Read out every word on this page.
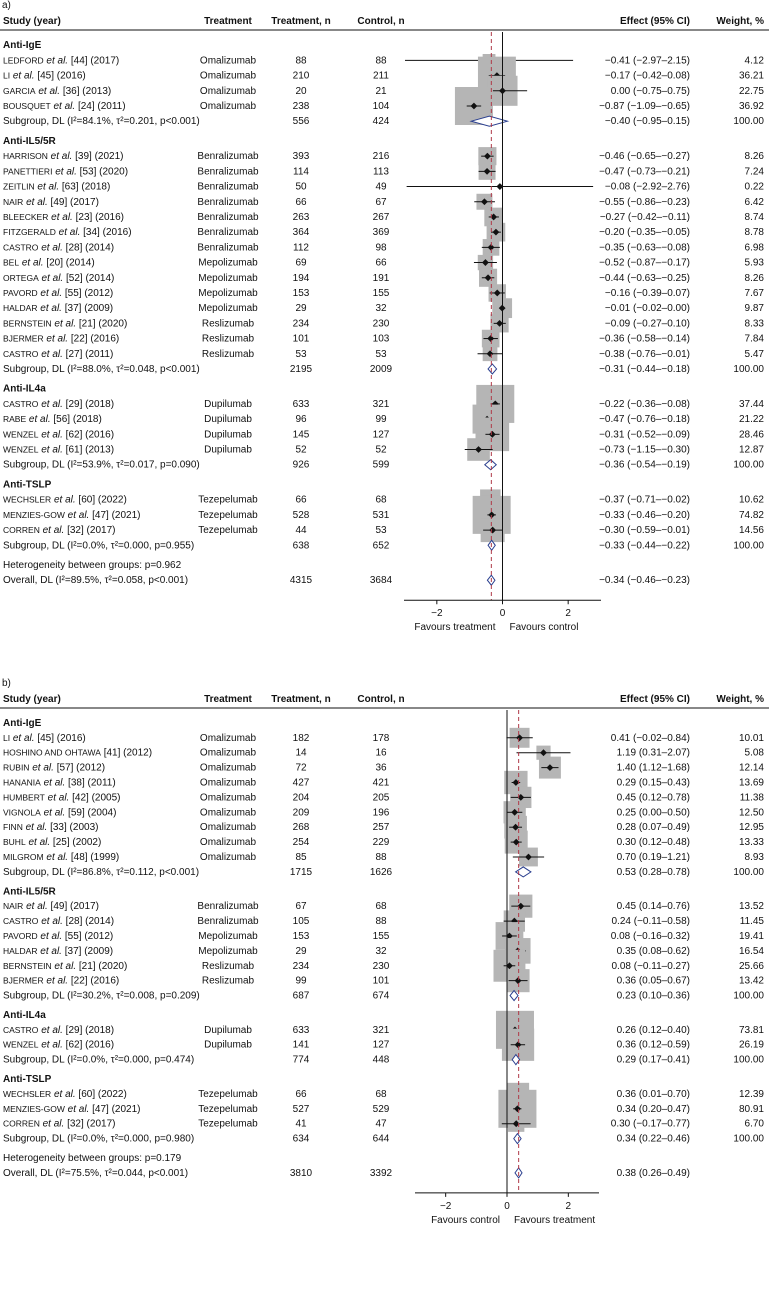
a)
Study (year)	Treatment Treatment, n	Control, n	Effect (95% CI)	Weight, %
Anti-IgE
LEDFORD et al. [44] (2017)	Omalizumab	88	88	−0.41 (−2.97–2.15)	4.12
LI et al. [45] (2016)	Omalizumab	210	211	−0.17 (−0.42–0.08)	36.21
GARCIA et al. [36] (2013)	Omalizumab	20	21	0.00 (−0.75–0.75)	22.75
BOUSQUET et al. [24] (2011)	Omalizumab	238	104	−0.87 (−1.09–−0.65)	36.92
Subgroup, DL (I²=84.1%, τ²=0.201, p<0.001)	556	424	−0.40 (−0.95–0.15)	100.00
Anti-IL5/5R
HARRISON et al. [39] (2021)	Benralizumab	393	216	−0.46 (−0.65–−0.27)	8.26
PANETTIERI et al. [53] (2020)	Benralizumab	114	113	−0.47 (−0.73–−0.21)	7.24
ZEITLIN et al. [63] (2018)	Benralizumab	50	49	−0.08 (−2.92–2.76)	0.22
NAIR et al. [49] (2017)	Benralizumab	66	67	−0.55 (−0.86–−0.23)	6.42
BLEECKER et al. [23] (2016)	Benralizumab	263	267	−0.27 (−0.42–−0.11)	8.74
FITZGERALD et al. [34] (2016)	Benralizumab	364	369	−0.20 (−0.35–−0.05)	8.78
CASTRO et al. [28] (2014)	Benralizumab	112	98	−0.35 (−0.63–−0.08)	6.98
BEL et al. [20] (2014)	Mepolizumab	69	66	−0.52 (−0.87–−0.17)	5.93
ORTEGA et al. [52] (2014)	Mepolizumab	194	191	−0.44 (−0.63–−0.25)	8.26
PAVORD et al. [55] (2012)	Mepolizumab	153	155	−0.16 (−0.39–0.07)	7.67
HALDAR et al. [37] (2009)	Mepolizumab	29	32	−0.01 (−0.02–0.00)	9.87
BERNSTEIN et al. [21] (2020)	Reslizumab	234	230	−0.09 (−0.27–0.10)	8.33
BJERMER et al. [22] (2016)	Reslizumab	101	103	−0.36 (−0.58–−0.14)	7.84
CASTRO et al. [27] (2011)	Reslizumab	53	53	−0.38 (−0.76–−0.01)	5.47
Subgroup, DL (I²=88.0%, τ²=0.048, p<0.001)	2195	2009	−0.31 (−0.44–−0.18)	100.00
Anti-IL4a
CASTRO et al. [29] (2018)	Dupilumab	633	321	−0.22 (−0.36–−0.08)	37.44
RABE et al. [56] (2018)	Dupilumab	96	99	−0.47 (−0.76–−0.18)	21.22
WENZEL et al. [62] (2016)	Dupilumab	145	127	−0.31 (−0.52–−0.09)	28.46
WENZEL et al. [61] (2013)	Dupilumab	52	52	−0.73 (−1.15–−0.30)	12.87
Subgroup, DL (I²=53.9%, τ²=0.017, p=0.090)	926	599	−0.36 (−0.54–−0.19)	100.00
Anti-TSLP
WECHSLER et al. [60] (2022)	Tezepelumab	66	68	−0.37 (−0.71–−0.02)	10.62
MENZIES-GOW et al. [47] (2021)	Tezepelumab	528	531	−0.33 (−0.46–−0.20)	74.82
CORREN et al. [32] (2017)	Tezepelumab	44	53	−0.30 (−0.59–−0.01)	14.56
Subgroup, DL (I²=0.0%, τ²=0.000, p=0.955)	638	652	−0.33 (−0.44–−0.22)	100.00
Heterogeneity between groups: p=0.962
Overall, DL (I²=89.5%, τ²=0.058, p<0.001)	4315	3684	−0.34 (−0.46–−0.23)
−2	0	2
Favours treatment Favours control
b)
Study (year)	Treatment Treatment, n	Control, n	Effect (95% CI)	Weight, %
Anti-IgE
LI et al. [45] (2016)	Omalizumab	182	178	0.41 (−0.02–0.84)	10.01
HOSHINO AND OHTAWA [41] (2012)	Omalizumab	14	16	1.19 (0.31–2.07)	5.08
RUBIN et al. [57] (2012)	Omalizumab	72	36	1.40 (1.12–1.68)	12.14
HANANIA et al. [38] (2011)	Omalizumab	427	421	0.29 (0.15–0.43)	13.69
HUMBERT et al. [42] (2005)	Omalizumab	204	205	0.45 (0.12–0.78)	11.38
VIGNOLA et al. [59] (2004)	Omalizumab	209	196	0.25 (0.00–0.50)	12.50
FINN et al. [33] (2003)	Omalizumab	268	257	0.28 (0.07–0.49)	12.95
BUHL et al. [25] (2002)	Omalizumab	254	229	0.30 (0.12–0.48)	13.33
MILGROM et al. [48] (1999)	Omalizumab	85	88	0.70 (0.19–1.21)	8.93
Subgroup, DL (I²=86.8%, τ²=0.112, p<0.001)	1715	1626	0.53 (0.28–0.78)	100.00
Anti-IL5/5R
NAIR et al. [49] (2017)	Benralizumab	67	68	0.45 (0.14–0.76)	13.52
CASTRO et al. [28] (2014)	Benralizumab	105	88	0.24 (−0.11–0.58)	11.45
PAVORD et al. [55] (2012)	Mepolizumab	153	155	0.08 (−0.16–0.32)	19.41
HALDAR et al. [37] (2009)	Mepolizumab	29	32	0.35 (0.08–0.62)	16.54
BERNSTEIN et al. [21] (2020)	Reslizumab	234	230	0.08 (−0.11–0.27)	25.66
BJERMER et al. [22] (2016)	Reslizumab	99	101	0.36 (0.05–0.67)	13.42
Subgroup, DL (I²=30.2%, τ²=0.008, p=0.209)	687	674	0.23 (0.10–0.36)	100.00
Anti-IL4a
CASTRO et al. [29] (2018)	Dupilumab	633	321	0.26 (0.12–0.40)	73.81
WENZEL et al. [62] (2016)	Dupilumab	141	127	0.36 (0.12–0.59)	26.19
Subgroup, DL (I²=0.0%, τ²=0.000, p=0.474)	774	448	0.29 (0.17–0.41)	100.00
Anti-TSLP
WECHSLER et al. [60] (2022)	Tezepelumab	66	68	0.36 (0.01–0.70)	12.39
MENZIES-GOW et al. [47] (2021)	Tezepelumab	527	529	0.34 (0.20–0.47)	80.91
CORREN et al. [32] (2017)	Tezepelumab	41	47	0.30 (−0.17–0.77)	6.70
Subgroup, DL (I²=0.0%, τ²=0.000, p=0.980)	634	644	0.34 (0.22–0.46)	100.00
Heterogeneity between groups: p=0.179
Overall, DL (I²=75.5%, τ²=0.044, p<0.001)	3810	3392	0.38 (0.26–0.49)
−2	0	2
Favours control Favours treatment
